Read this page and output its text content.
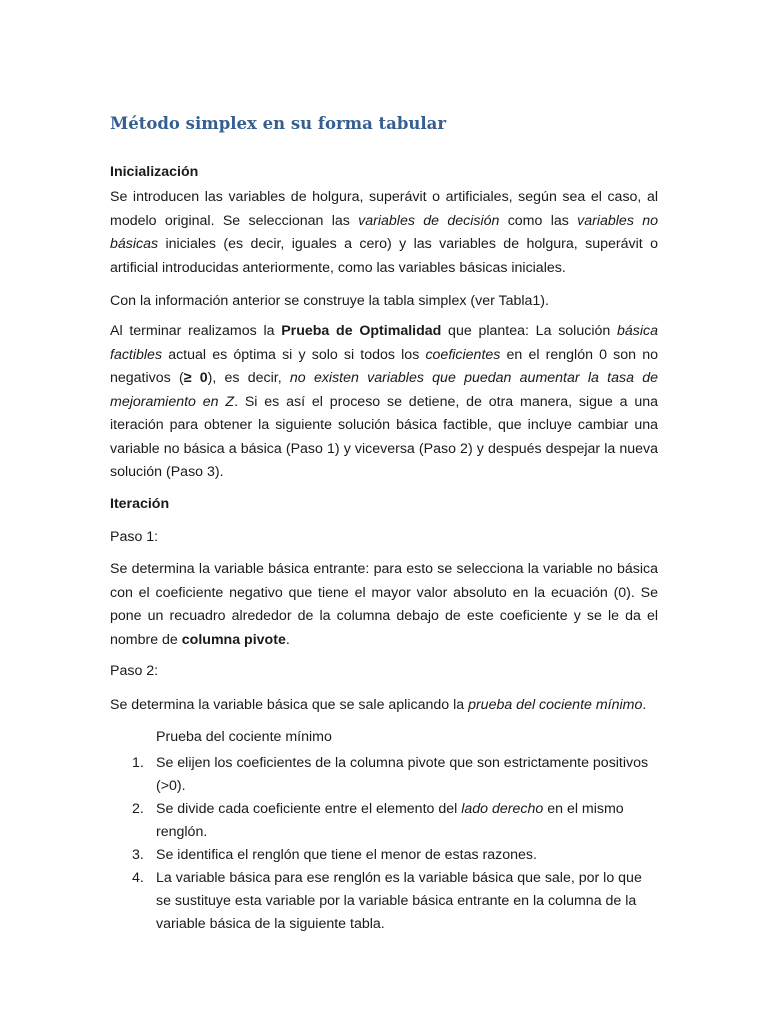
Método simplex en su forma tabular

Inicialización

Se introducen las variables de holgura, superávit o artificiales, según sea el caso, al modelo original. Se seleccionan las variables de decisión como las variables no básicas iniciales (es decir, iguales a cero) y las variables de holgura, superávit o artificial introducidas anteriormente, como las variables básicas iniciales.

Con la información anterior se construye la tabla simplex (ver Tabla1).

Al terminar realizamos la Prueba de Optimalidad que plantea: La solución básica factibles actual es óptima si y solo si todos los coeficientes en el renglón 0 son no negativos (≥ 0), es decir, no existen variables que puedan aumentar la tasa de mejoramiento en Z. Si es así el proceso se detiene, de otra manera, sigue a una iteración para obtener la siguiente solución básica factible, que incluye cambiar una variable no básica a básica (Paso 1) y viceversa (Paso 2) y después despejar la nueva solución (Paso 3).

Iteración

Paso 1:

Se determina la variable básica entrante: para esto se selecciona la variable no básica con el coeficiente negativo que tiene el mayor valor absoluto en la ecuación (0). Se pone un recuadro alrededor de la columna debajo de este coeficiente y se le da el nombre de columna pivote.

Paso 2:

Se determina la variable básica que se sale aplicando la prueba del cociente mínimo.

Prueba del cociente mínimo

1. Se elijen los coeficientes de la columna pivote que son estrictamente positivos (>0).
2. Se divide cada coeficiente entre el elemento del lado derecho en el mismo renglón.
3. Se identifica el renglón que tiene el menor de estas razones.
4. La variable básica para ese renglón es la variable básica que sale, por lo que se sustituye esta variable por la variable básica entrante en la columna de la variable básica de la siguiente tabla.
